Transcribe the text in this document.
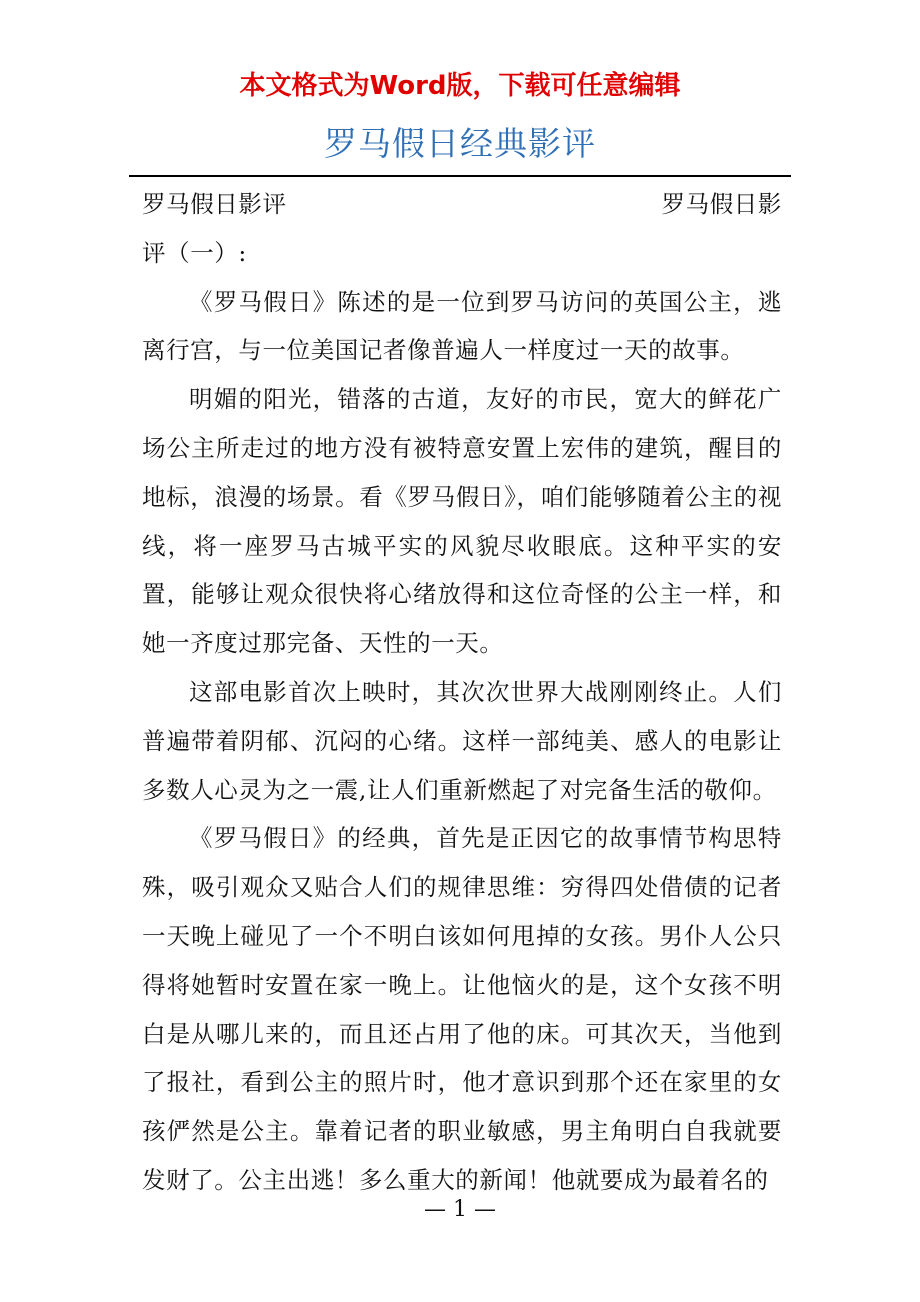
本文格式为Word版，下载可任意编辑
罗马假日经典影评
罗马假日影评	罗马假日影

评（一）:

《罗马假日》陈述的是一位到罗马访问的英国公主，逃离行宫，与一位美国记者像普遍人一样度过一天的故事。

明媚的阳光，错落的古道，友好的市民，宽大的鲜花广场公主所走过的地方没有被特意安置上宏伟的建筑，醒目的地标，浪漫的场景。看《罗马假日》，咱们能够随着公主的视线，将一座罗马古城平实的风貌尽收眼底。这种平实的安置，能够让观众很快将心绪放得和这位奇怪的公主一样，和她一齐度过那完备、天性的一天。

这部电影首次上映时，其次次世界大战刚刚终止。人们普遍带着阴郁、沉闷的心绪。这样一部纯美、感人的电影让多数人心灵为之一震,让人们重新燃起了对完备生活的敬仰。

《罗马假日》的经典，首先是正因它的故事情节构思特殊，吸引观众又贴合人们的规律思维：穷得四处借债的记者一天晚上碰见了一个不明白该如何甩掉的女孩。男仆人公只得将她暂时安置在家一晚上。让他恼火的是，这个女孩不明白是从哪儿来的，而且还占用了他的床。可其次天，当他到了报社，看到公主的照片时，他才意识到那个还在家里的女孩俨然是公主。靠着记者的职业敏感，男主角明白自我就要发财了。公主出逃！多么重大的新闻！他就要成为最着名的

— 1 —
